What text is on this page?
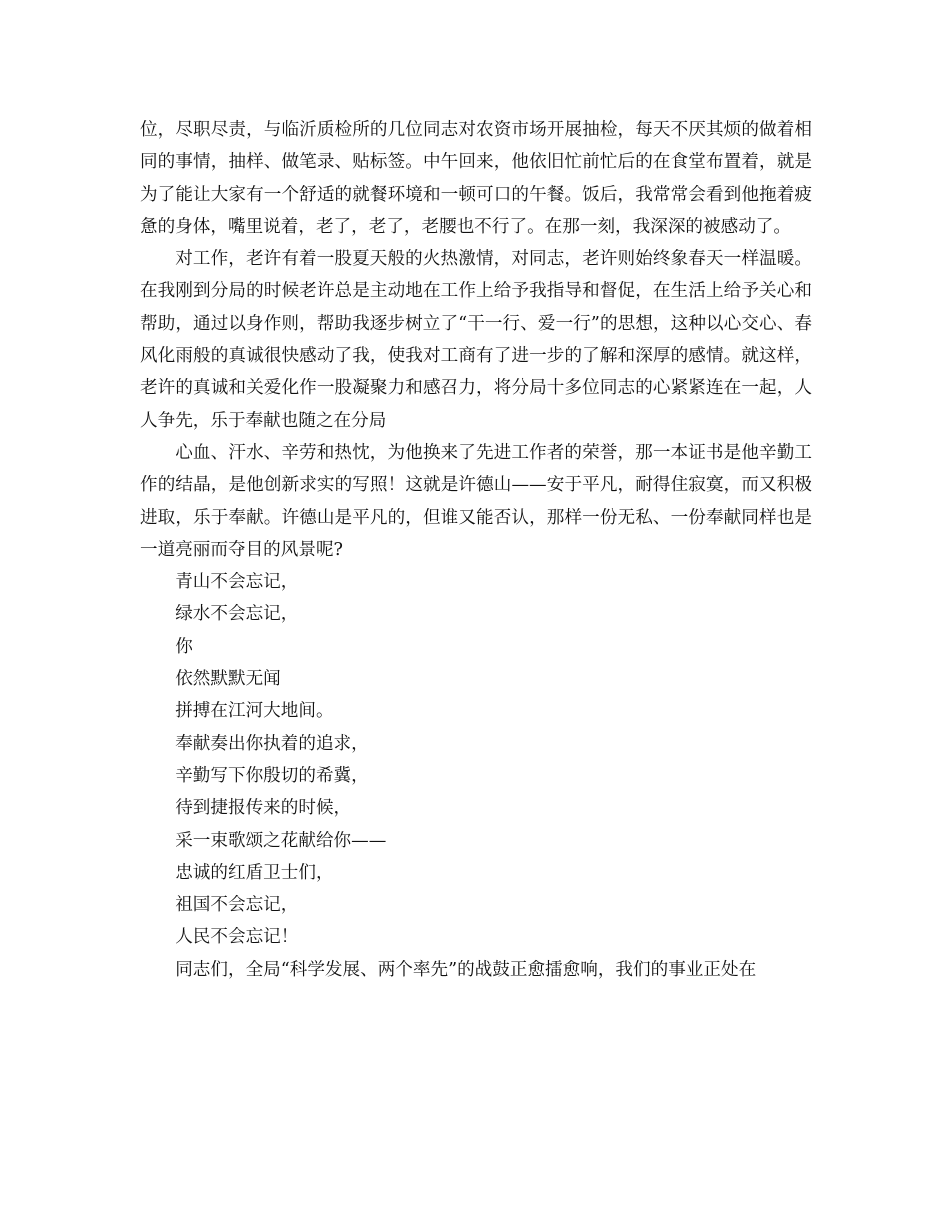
位，尽职尽责，与临沂质检所的几位同志对农资市场开展抽检，每天不厌其烦的做着相同的事情，抽样、做笔录、贴标签。中午回来，他依旧忙前忙后的在食堂布置着，就是为了能让大家有一个舒适的就餐环境和一顿可口的午餐。饭后，我常常会看到他拖着疲惫的身体，嘴里说着，老了，老了，老腰也不行了。在那一刻，我深深的被感动了。

对工作，老许有着一股夏天般的火热激情，对同志，老许则始终象春天一样温暖。在我刚到分局的时候老许总是主动地在工作上给予我指导和督促，在生活上给予关心和帮助，通过以身作则，帮助我逐步树立了“干一行、爱一行”的思想，这种以心交心、春风化雨般的真诚很快感动了我，使我对工商有了进一步的了解和深厚的感情。就这样，老许的真诚和关爱化作一股凝聚力和感召力，将分局十多位同志的心紧紧连在一起，人人争先，乐于奉献也随之在分局

心血、汗水、辛劳和热忱，为他换来了先进工作者的荣誉，那一本证书是他辛勤工作的结晶，是他创新求实的写照！这就是许德山——安于平凡，耐得住寂寞，而又积极进取，乐于奉献。许德山是平凡的，但谁又能否认，那样一份无私、一份奉献同样也是一道亮丽而夺目的风景呢?

青山不会忘记，

绿水不会忘记，

你

依然默默无闻

拼搏在江河大地间。

奉献奏出你执着的追求，

辛勤写下你殷切的希冀，

待到捷报传来的时候，

采一束歌颂之花献给你——

忠诚的红盾卫士们，

祖国不会忘记，

人民不会忘记！

同志们，全局“科学发展、两个率先”的战鼓正愈擂愈响，我们的事业正处在
